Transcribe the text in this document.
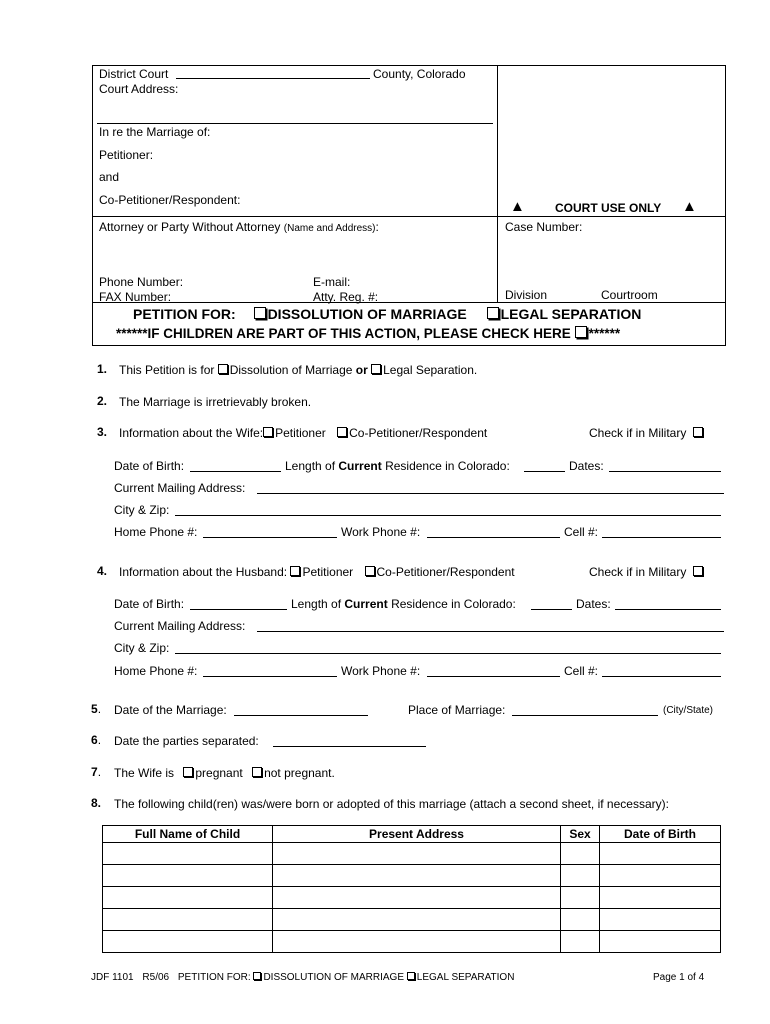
District Court	County, Colorado
Court Address:
In re the Marriage of:
Petitioner:
and
Co-Petitioner/Respondent:	▲	COURT USE ONLY ▲
Attorney or Party Without Attorney (Name and Address):	Case Number:
Phone Number:	E-mail:
FAX Number:	Atty. Reg. #:	Division	Courtroom
PETITION FOR: DISSOLUTION OF MARRIAGE LEGAL SEPARATION
******IF CHILDREN ARE PART OF THIS ACTION, PLEASE CHECK HERE ******
1. This Petition is for Dissolution of Marriage or Legal Separation.
2. The Marriage is irretrievably broken.
3. Information about the Wife: Petitioner Co-Petitioner/Respondent	Check if in Military
Date of Birth:	Length of Current Residence in Colorado:	Dates:
Current Mailing Address:
City & Zip:
Home Phone #:	Work Phone #:	Cell #:
4. Information about the Husband: Petitioner Co-Petitioner/Respondent	Check if in Military
Date of Birth:	Length of Current Residence in Colorado:	Dates:
Current Mailing Address:
City & Zip:
Home Phone #:	Work Phone #:	Cell #:
5. Date of the Marriage:	Place of Marriage:	(City/State)
6. Date the parties separated:
7. The Wife is pregnant not pregnant.
8. The following child(ren) was/were born or adopted of this marriage (attach a second sheet, if necessary):
Full Name of Child	Present Address	Sex	Date of Birth

JDF 1101 R5/06 PETITION FOR: DISSOLUTION OF MARRIAGE LEGAL SEPARATION	Page 1 of 4
